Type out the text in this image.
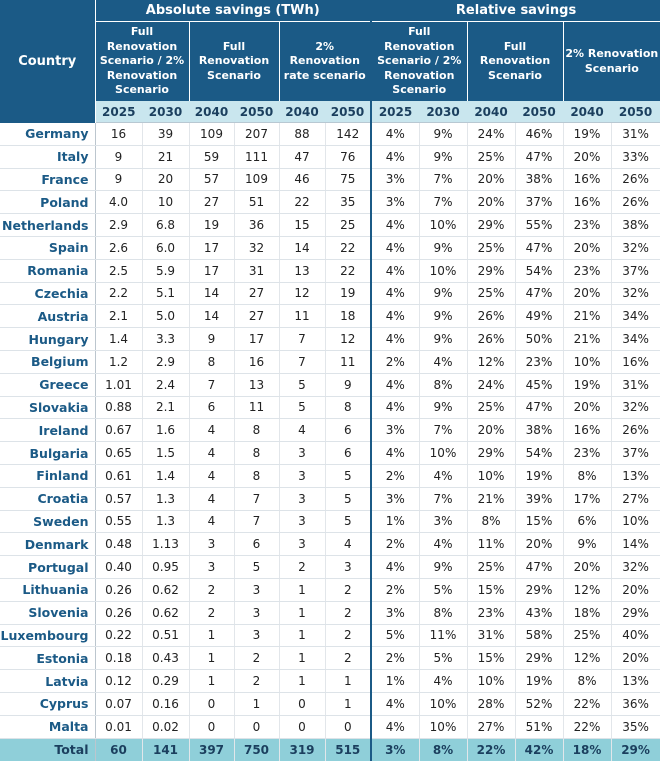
Country	Absolute savings (TWh)						Relative savings					
	Full Renovation Scenario / 2% Renovation Scenario		Full Renovation Scenario		2% Renovation rate scenario		Full Renovation Scenario / 2% Renovation Scenario		Full Renovation Scenario		2% Renovation Scenario	
	2025	2030	2040	2050	2040	2050	2025	2030	2040	2050	2040	2050
Germany	16	39	109	207	88	142	4%	9%	24%	46%	19%	31%
Italy	9	21	59	111	47	76	4%	9%	25%	47%	20%	33%
France	9	20	57	109	46	75	3%	7%	20%	38%	16%	26%
Poland	4.0	10	27	51	22	35	3%	7%	20%	37%	16%	26%
Netherlands	2.9	6.8	19	36	15	25	4%	10%	29%	55%	23%	38%
Spain	2.6	6.0	17	32	14	22	4%	9%	25%	47%	20%	32%
Romania	2.5	5.9	17	31	13	22	4%	10%	29%	54%	23%	37%
Czechia	2.2	5.1	14	27	12	19	4%	9%	25%	47%	20%	32%
Austria	2.1	5.0	14	27	11	18	4%	9%	26%	49%	21%	34%
Hungary	1.4	3.3	9	17	7	12	4%	9%	26%	50%	21%	34%
Belgium	1.2	2.9	8	16	7	11	2%	4%	12%	23%	10%	16%
Greece	1.01	2.4	7	13	5	9	4%	8%	24%	45%	19%	31%
Slovakia	0.88	2.1	6	11	5	8	4%	9%	25%	47%	20%	32%
Ireland	0.67	1.6	4	8	4	6	3%	7%	20%	38%	16%	26%
Bulgaria	0.65	1.5	4	8	3	6	4%	10%	29%	54%	23%	37%
Finland	0.61	1.4	4	8	3	5	2%	4%	10%	19%	8%	13%
Croatia	0.57	1.3	4	7	3	5	3%	7%	21%	39%	17%	27%
Sweden	0.55	1.3	4	7	3	5	1%	3%	8%	15%	6%	10%
Denmark	0.48	1.13	3	6	3	4	2%	4%	11%	20%	9%	14%
Portugal	0.40	0.95	3	5	2	3	4%	9%	25%	47%	20%	32%
Lithuania	0.26	0.62	2	3	1	2	2%	5%	15%	29%	12%	20%
Slovenia	0.26	0.62	2	3	1	2	3%	8%	23%	43%	18%	29%
Luxembourg	0.22	0.51	1	3	1	2	5%	11%	31%	58%	25%	40%
Estonia	0.18	0.43	1	2	1	2	2%	5%	15%	29%	12%	20%
Latvia	0.12	0.29	1	2	1	1	1%	4%	10%	19%	8%	13%
Cyprus	0.07	0.16	0	1	0	1	4%	10%	28%	52%	22%	36%
Malta	0.01	0.02	0	0	0	0	4%	10%	27%	51%	22%	35%
Total	60	141	397	750	319	515	3%	8%	22%	42%	18%	29%
